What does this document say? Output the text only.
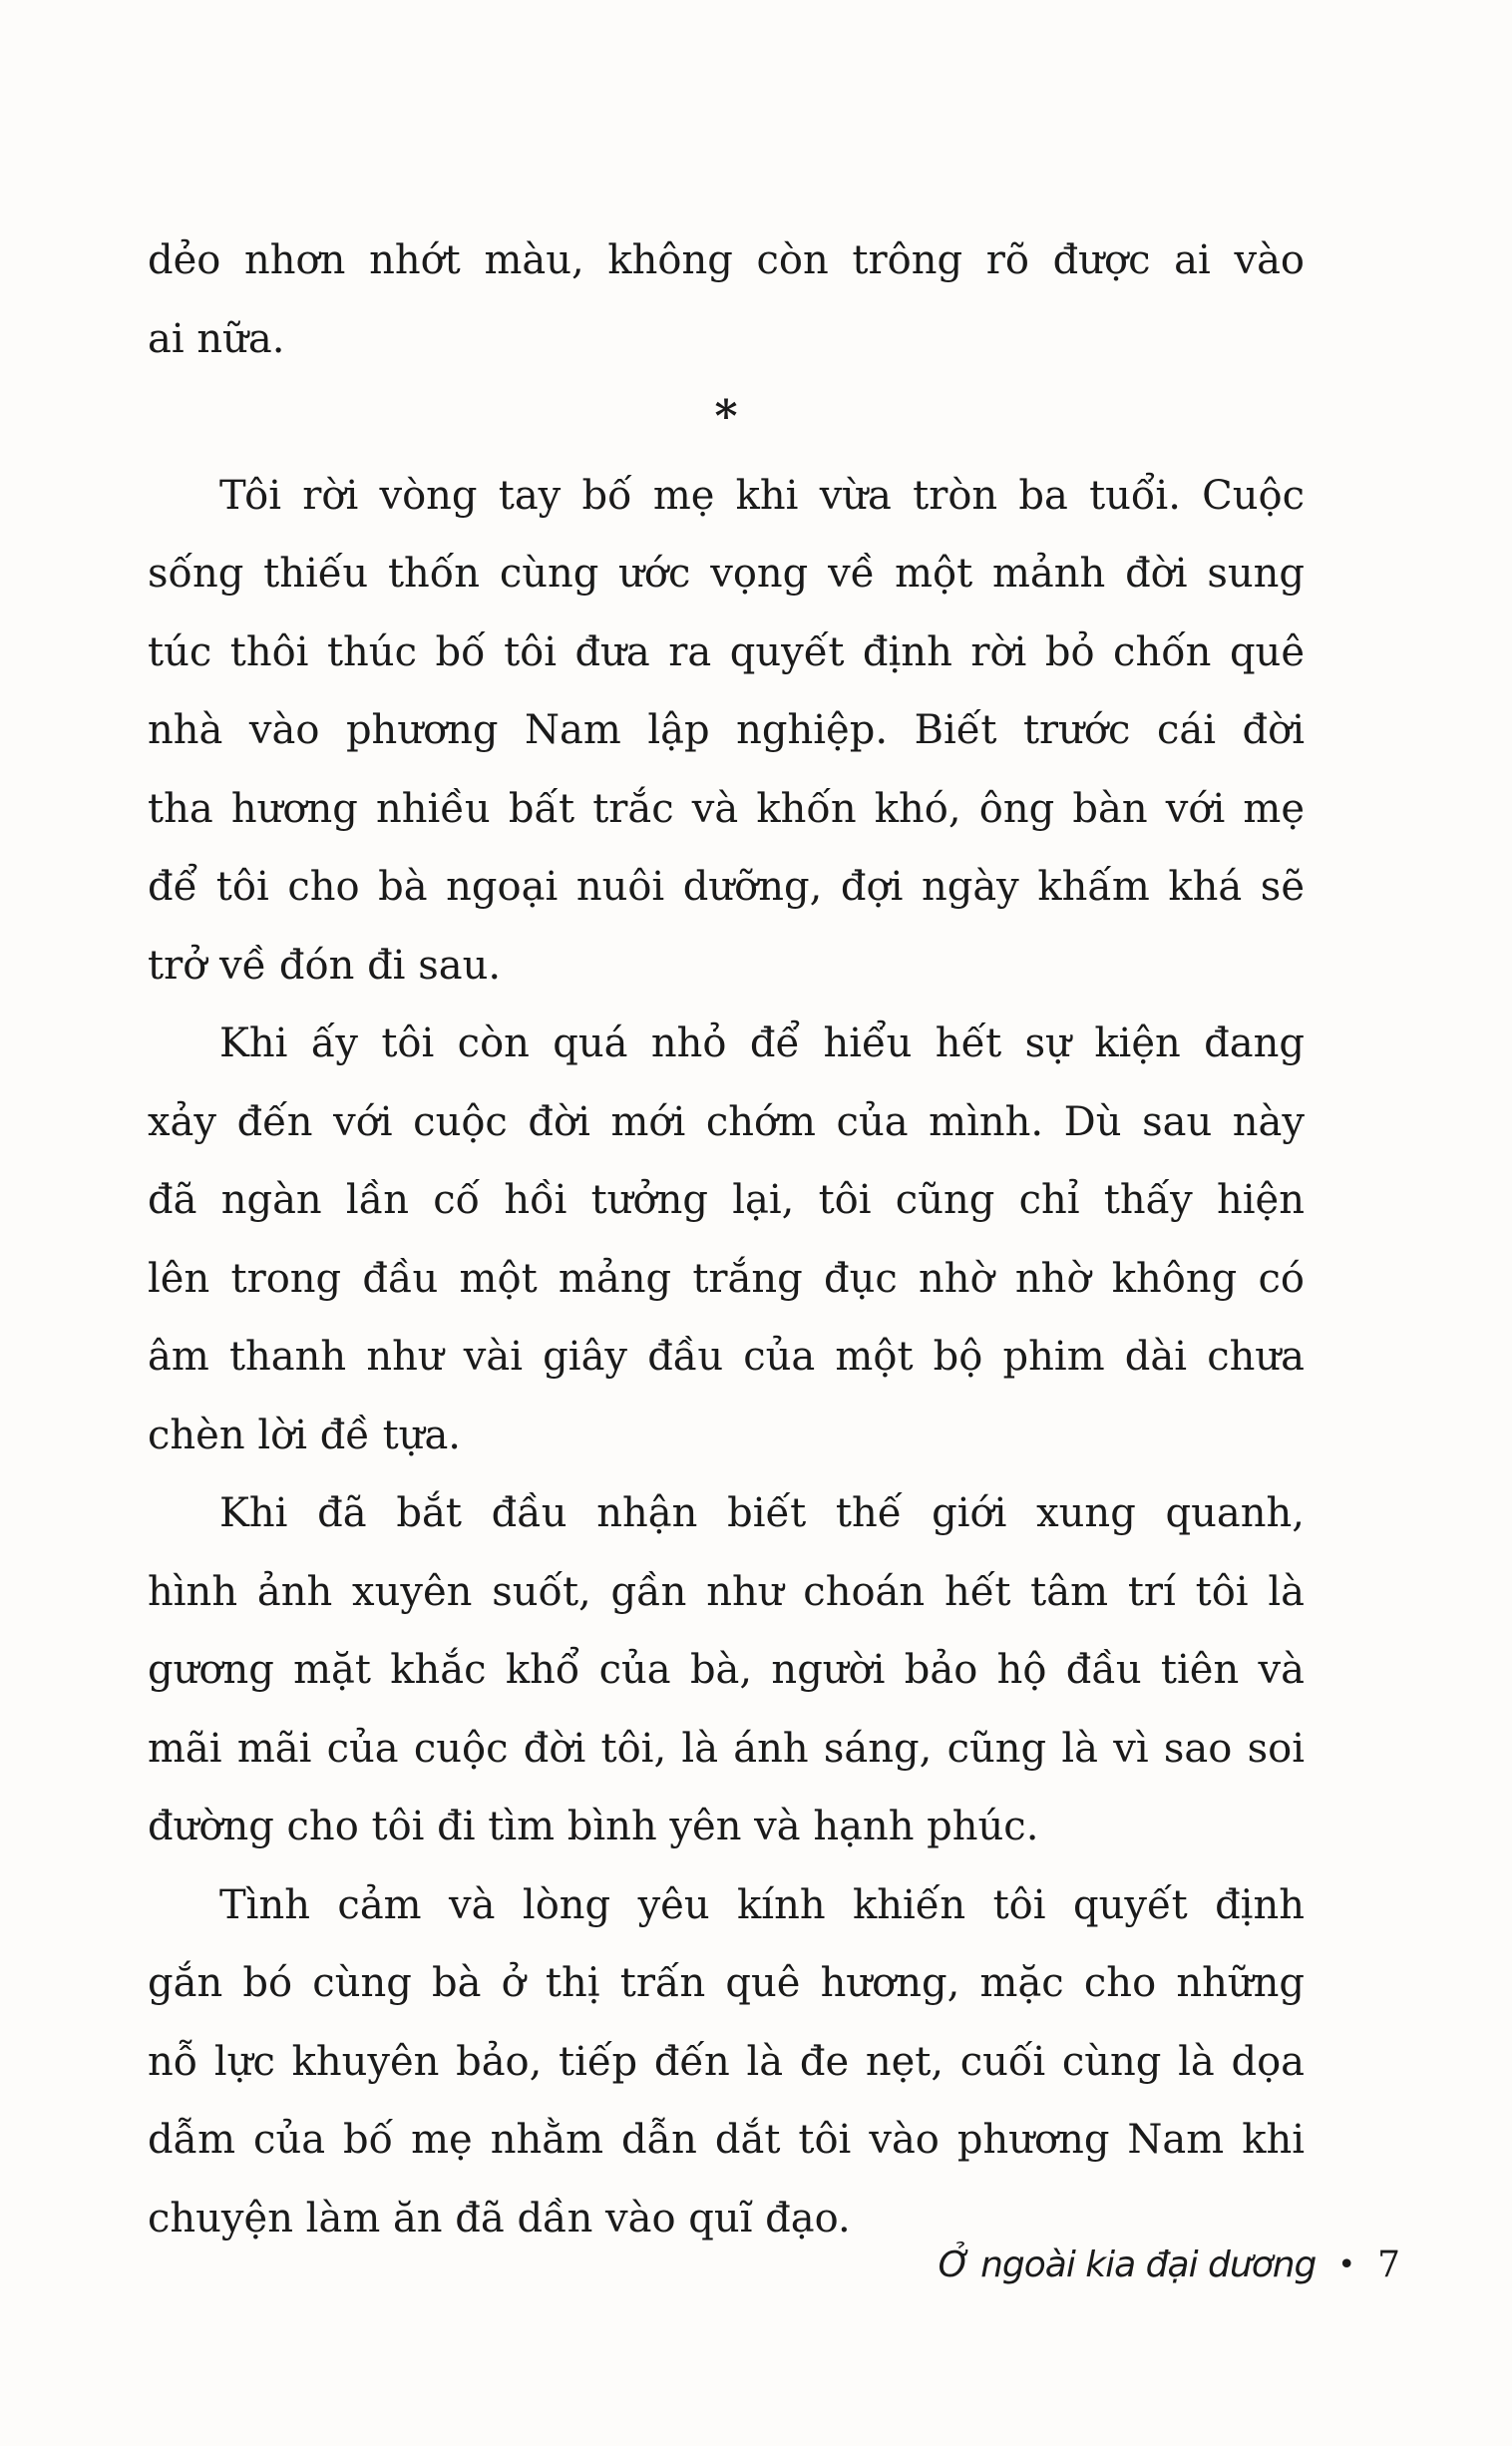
dẻo nhơn nhớt màu, không còn trông rõ được ai vào
ai nữa.
*
Tôi rời vòng tay bố mẹ khi vừa tròn ba tuổi. Cuộc
sống thiếu thốn cùng ước vọng về một mảnh đời sung
túc thôi thúc bố tôi đưa ra quyết định rời bỏ chốn quê
nhà vào phương Nam lập nghiệp. Biết trước cái đời
tha hương nhiều bất trắc và khốn khó, ông bàn với mẹ
để tôi cho bà ngoại nuôi dưỡng, đợi ngày khấm khá sẽ
trở về đón đi sau.
Khi ấy tôi còn quá nhỏ để hiểu hết sự kiện đang
xảy đến với cuộc đời mới chớm của mình. Dù sau này
đã ngàn lần cố hồi tưởng lại, tôi cũng chỉ thấy hiện
lên trong đầu một mảng trắng đục nhờ nhờ không có
âm thanh như vài giây đầu của một bộ phim dài chưa
chèn lời đề tựa.
Khi đã bắt đầu nhận biết thế giới xung quanh,
hình ảnh xuyên suốt, gần như choán hết tâm trí tôi là
gương mặt khắc khổ của bà, người bảo hộ đầu tiên và
mãi mãi của cuộc đời tôi, là ánh sáng, cũng là vì sao soi
đường cho tôi đi tìm bình yên và hạnh phúc.
Tình cảm và lòng yêu kính khiến tôi quyết định
gắn bó cùng bà ở thị trấn quê hương, mặc cho những
nỗ lực khuyên bảo, tiếp đến là đe nẹt, cuối cùng là dọa
dẫm của bố mẹ nhằm dẫn dắt tôi vào phương Nam khi
chuyện làm ăn đã dần vào quĩ đạo.
Ở ngoài kia đại dương • 7
